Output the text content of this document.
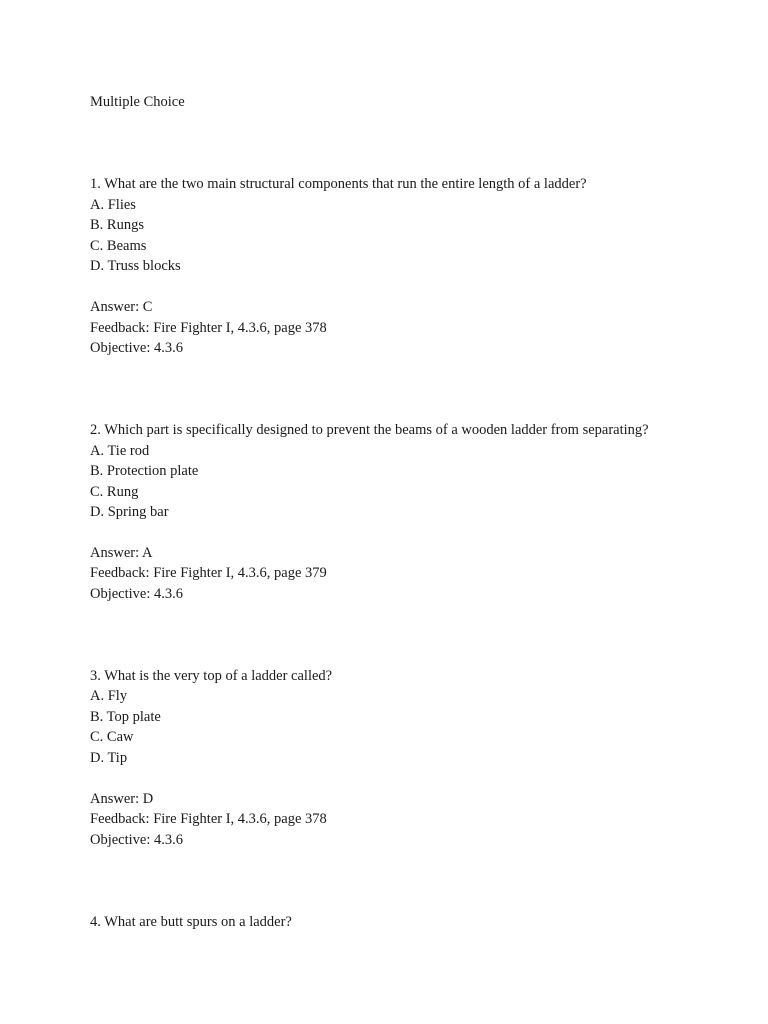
Multiple Choice
1. What are the two main structural components that run the entire length of a ladder?
A. Flies
B. Rungs
C. Beams
D. Truss blocks
Answer: C
Feedback: Fire Fighter I, 4.3.6, page 378
Objective: 4.3.6
2. Which part is specifically designed to prevent the beams of a wooden ladder from separating?
A. Tie rod
B. Protection plate
C. Rung
D. Spring bar
Answer: A
Feedback: Fire Fighter I, 4.3.6, page 379
Objective: 4.3.6
3. What is the very top of a ladder called?
A. Fly
B. Top plate
C. Caw
D. Tip
Answer: D
Feedback: Fire Fighter I, 4.3.6, page 378
Objective: 4.3.6
4. What are butt spurs on a ladder?
